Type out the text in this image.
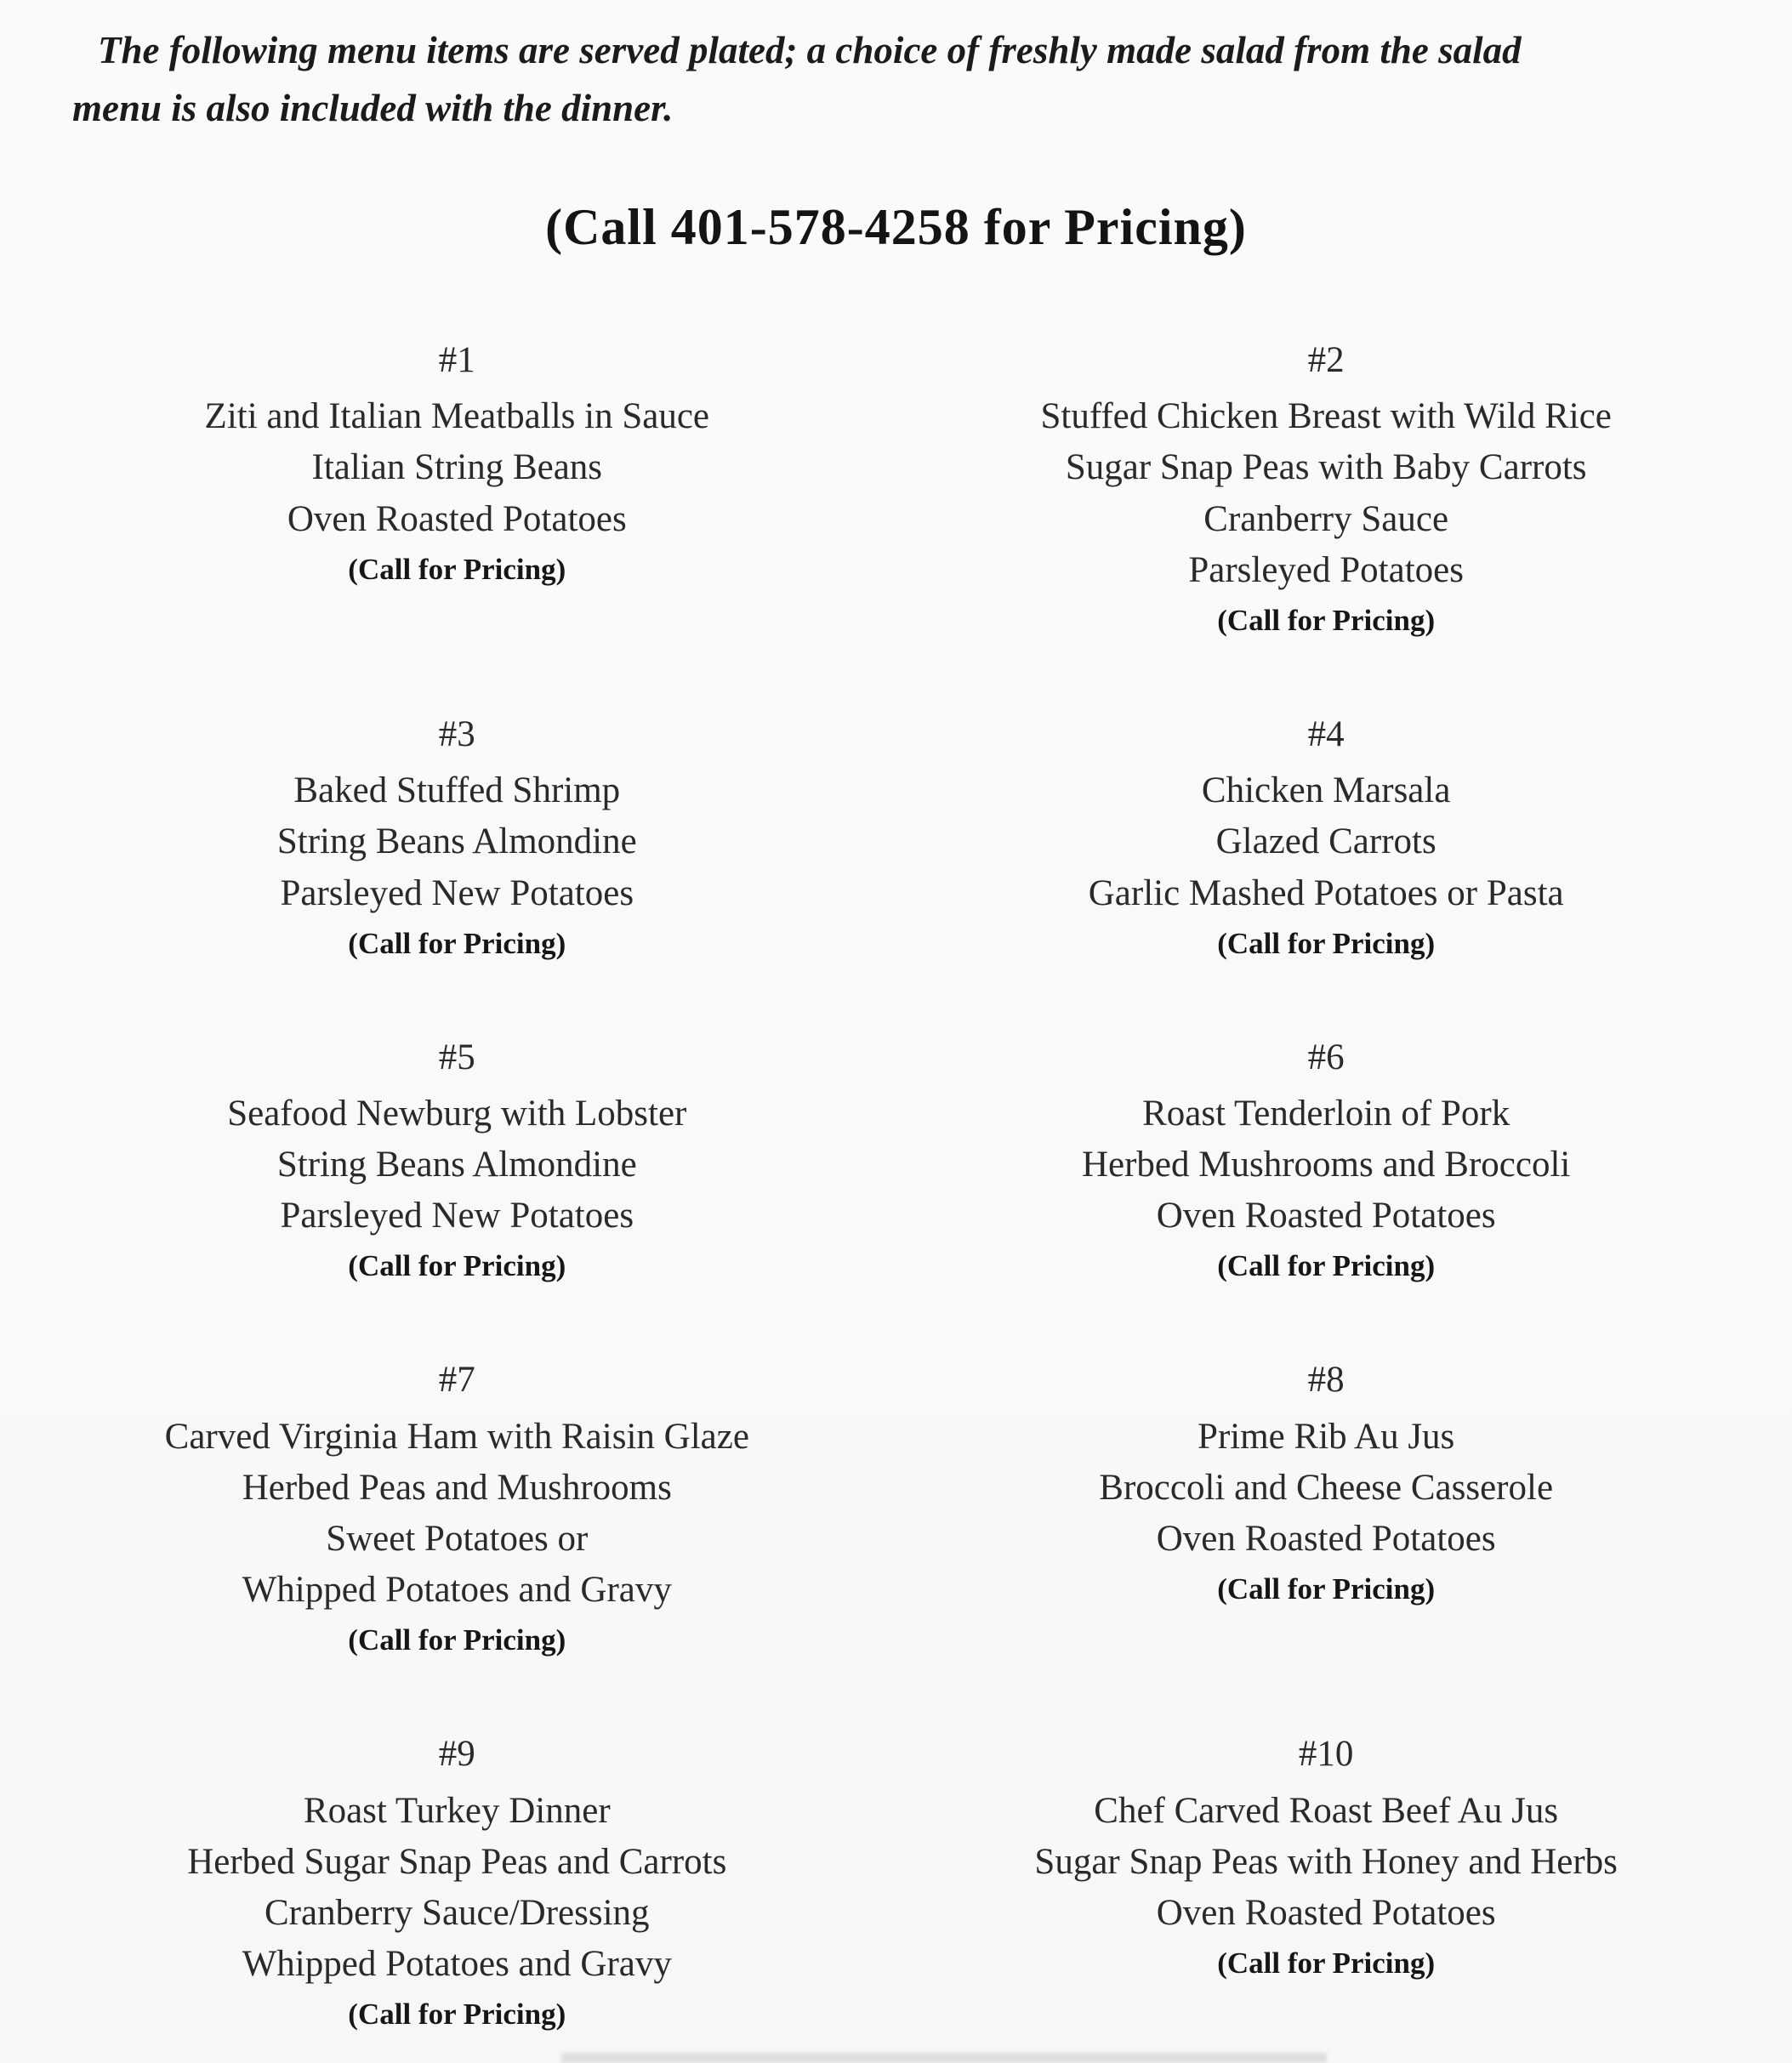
The following menu items are served plated; a choice of freshly made salad from the salad
menu is also included with the dinner.
(Call 401-578-4258 for Pricing)
#1
Ziti and Italian Meatballs in Sauce
Italian String Beans
Oven Roasted Potatoes
(Call for Pricing)
#2
Stuffed Chicken Breast with Wild Rice
Sugar Snap Peas with Baby Carrots
Cranberry Sauce
Parsleyed Potatoes
(Call for Pricing)
#3
Baked Stuffed Shrimp
String Beans Almondine
Parsleyed New Potatoes
(Call for Pricing)
#4
Chicken Marsala
Glazed Carrots
Garlic Mashed Potatoes or Pasta
(Call for Pricing)
#5
Seafood Newburg with Lobster
String Beans Almondine
Parsleyed New Potatoes
(Call for Pricing)
#6
Roast Tenderloin of Pork
Herbed Mushrooms and Broccoli
Oven Roasted Potatoes
(Call for Pricing)
#7
Carved Virginia Ham with Raisin Glaze
Herbed Peas and Mushrooms
Sweet Potatoes or
Whipped Potatoes and Gravy
(Call for Pricing)
#8
Prime Rib Au Jus
Broccoli and Cheese Casserole
Oven Roasted Potatoes
(Call for Pricing)
#9
Roast Turkey Dinner
Herbed Sugar Snap Peas and Carrots
Cranberry Sauce/Dressing
Whipped Potatoes and Gravy
(Call for Pricing)
#10
Chef Carved Roast Beef Au Jus
Sugar Snap Peas with Honey and Herbs
Oven Roasted Potatoes
(Call for Pricing)
